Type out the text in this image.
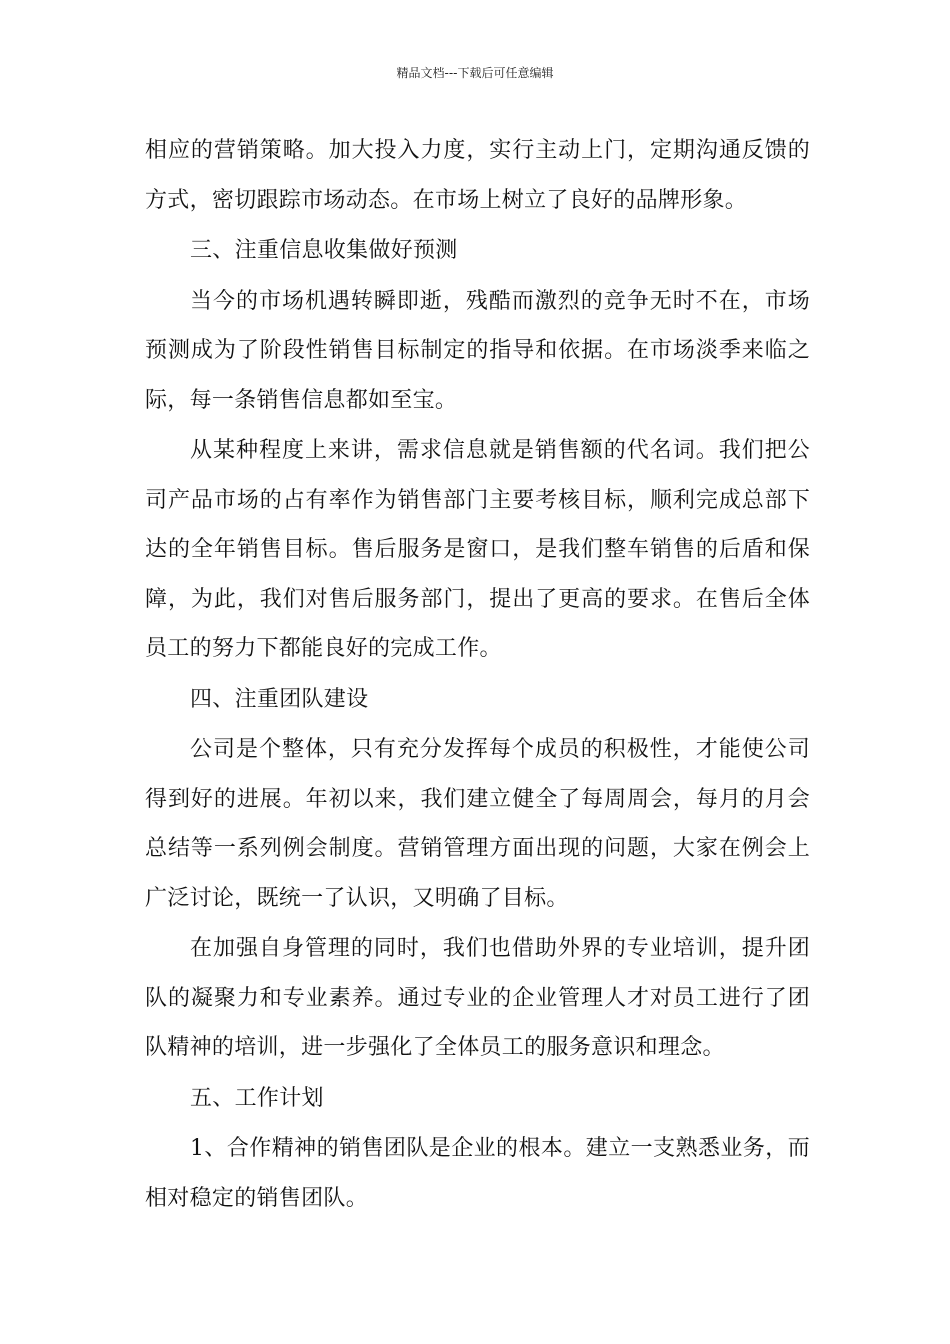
精品文档---下载后可任意编辑

相应的营销策略。加大投入力度，实行主动上门，定期沟通反馈的方式，密切跟踪市场动态。在市场上树立了良好的品牌形象。

三、注重信息收集做好预测

当今的市场机遇转瞬即逝，残酷而激烈的竞争无时不在，市场预测成为了阶段性销售目标制定的指导和依据。在市场淡季来临之际，每一条销售信息都如至宝。

从某种程度上来讲，需求信息就是销售额的代名词。我们把公司产品市场的占有率作为销售部门主要考核目标，顺利完成总部下达的全年销售目标。售后服务是窗口，是我们整车销售的后盾和保障，为此，我们对售后服务部门，提出了更高的要求。在售后全体员工的努力下都能良好的完成工作。

四、注重团队建设

公司是个整体，只有充分发挥每个成员的积极性，才能使公司得到好的进展。年初以来，我们建立健全了每周周会，每月的月会总结等一系列例会制度。营销管理方面出现的问题，大家在例会上广泛讨论，既统一了认识，又明确了目标。

在加强自身管理的同时，我们也借助外界的专业培训，提升团队的凝聚力和专业素养。通过专业的企业管理人才对员工进行了团队精神的培训，进一步强化了全体员工的服务意识和理念。

五、工作计划

1、合作精神的销售团队是企业的根本。建立一支熟悉业务，而相对稳定的销售团队。
